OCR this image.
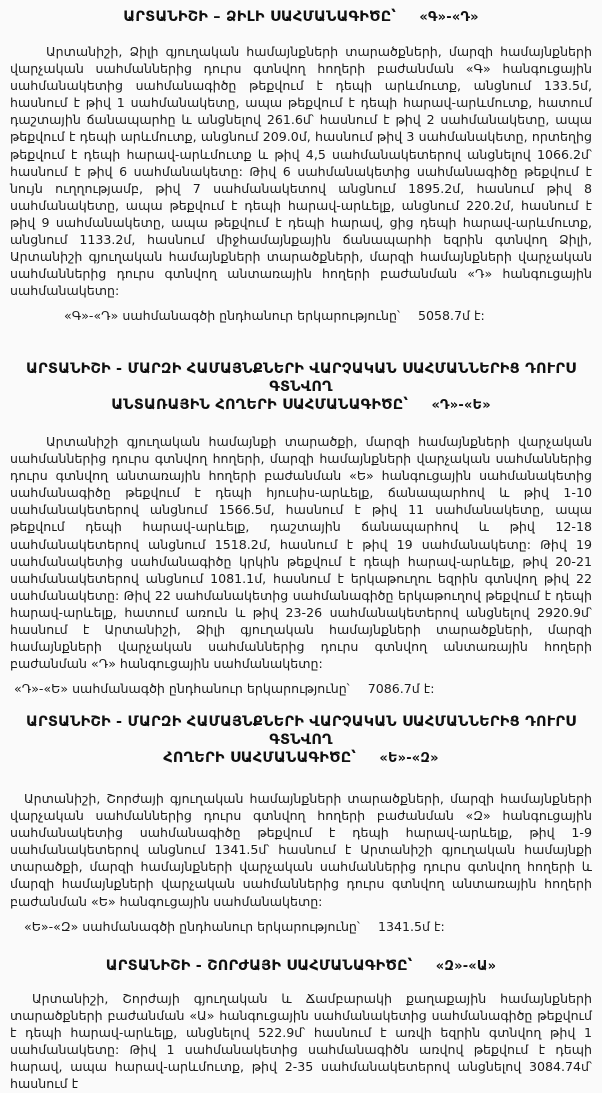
ԱՐՏԱՆԻՇԻ – ՁԻԼԻ ՍԱՀՄԱՆԱԳԻԾԸ՝ «Գ»-«Դ»

Արտանիշի, Ձիլի գյուղական համայնքների տարածքների, մարզի համայնքների վարչական սահմաններից դուրս գտնվող հողերի բաժանման «Գ» հանգուցային սահմանակետից սահմանագիծը թեքվում է դեպի արևմուտք, անցնում 133.5մ, հասնում է թիվ 1 սահմանակետը, ապա թեքվում է դեպի հարավ-արևմուտք, հատում դաշտային ճանապարհը և անցնելով 261.6մ՝ հասնում է թիվ 2 սահմանակետը, ապա թեքվում է դեպի արևմուտք, անցնում 209.0մ, հասնում թիվ 3 սահմանակետը, որտեղից թեքվում է դեպի հարավ-արևմուտք և թիվ 4,5 սահմանակետերով անցնելով 1066.2մ՝ հասնում է թիվ 6 սահմանակետը: Թիվ 6 սահմանակետից սահմանագիծը թեքվում է նույն ուղղությամբ, թիվ 7 սահմանակետով անցնում 1895.2մ, հասնում թիվ 8 սահմանակետը, ապա թեքվում է դեպի հարավ-արևելք, անցնում 220.2մ, հասնում է թիվ 9 սահմանակետը, ապա թեքվում է դեպի հարավ, ցից դեպի հարավ-արևմուտք, անցնում 1133.2մ, հասնում միջհամայնքային ճանապարհի եզրին գտնվող Ձիլի, Արտանիշի գյուղական համայնքների տարածքների, մարզի համայնքների վարչական սահմաններից դուրս գտնվող անտառային հողերի բաժանման «Դ» հանգուցային սահմանակետը:

«Գ»-«Դ» սահմանագծի ընդհանուր երկարությունը՝ 5058.7մ է:

ԱՐՏԱՆԻՇԻ - ՄԱՐԶԻ ՀԱՄԱՅՆՔՆԵՐԻ ՎԱՐՉԱԿԱՆ ՍԱՀՄԱՆՆԵՐԻՑ ԴՈՒՐՍ ԳՏՆՎՈՂ
ԱՆՏԱՌԱՅԻՆ ՀՈՂԵՐԻ ՍԱՀՄԱՆԱԳԻԾԸ՝ «Դ»-«Ե»

Արտանիշի գյուղական համայնքի տարածքի, մարզի համայնքների վարչական սահմաններից դուրս գտնվող հողերի, մարզի համայնքների վարչական սահմաններից դուրս գտնվող անտառային հողերի բաժանման «Ե» հանգուցային սահմանակետից սահմանագիծը թեքվում է դեպի հյուսիս-արևելք, ճանապարհով և թիվ 1-10 սահմանակետերով անցնում 1566.5մ, հասնում է թիվ 11 սահմանակետը, ապա թեքվում դեպի հարավ-արևելք, դաշտային ճանապարհով և թիվ 12-18 սահմանակետերով անցնում 1518.2մ, հասնում է թիվ 19 սահմանակետը: Թիվ 19 սահմանակետից սահմանագիծը կրկին թեքվում է դեպի հարավ-արևելք, թիվ 20-21 սահմանակետերով անցնում 1081.1մ, հասնում է երկաթուղու եզրին գտնվող թիվ 22 սահմանակետը: Թիվ 22 սահմանակետից սահմանագիծը երկաթուղով թեքվում է դեպի հարավ-արևելք, հատում առուն և թիվ 23-26 սահմանակետերով անցնելով 2920.9մ՝ հասնում է Արտանիշի, Ձիլի գյուղական համայնքների տարածքների, մարզի համայնքների վարչական սահմաններից դուրս գտնվող անտառային հողերի բաժանման «Դ» հանգուցային սահմանակետը:

«Դ»-«Ե» սահմանագծի ընդհանուր երկարությունը՝ 7086.7մ է:

ԱՐՏԱՆԻՇԻ - ՄԱՐԶԻ ՀԱՄԱՅՆՔՆԵՐԻ ՎԱՐՉԱԿԱՆ ՍԱՀՄԱՆՆԵՐԻՑ ԴՈՒՐՍ ԳՏՆՎՈՂ
ՀՈՂԵՐԻ ՍԱՀՄԱՆԱԳԻԾԸ՝ «Ե»-«Զ»

Արտանիշի, Շորժայի գյուղական համայնքների տարածքների, մարզի համայնքների վարչական սահմաններից դուրս գտնվող հողերի բաժանման «Զ» հանգուցային սահմանակետից սահմանագիծը թեքվում է դեպի հարավ-արևելք, թիվ 1-9 սահմանակետերով անցնում 1341.5մ՝ հասնում է Արտանիշի գյուղական համայնքի տարածքի, մարզի համայնքների վարչական սահմաններից դուրս գտնվող հողերի և մարզի համայնքների վարչական սահմաններից դուրս գտնվող անտառային հողերի բաժանման «Ե» հանգուցային սահմանակետը:

«Ե»-«Զ» սահմանագծի ընդհանուր երկարությունը՝ 1341.5մ է:

ԱՐՏԱՆԻՇԻ - ՇՈՐԺԱՅԻ ՍԱՀՄԱՆԱԳԻԾԸ՝ «Զ»-«Ա»

Արտանիշի, Շորժայի գյուղական և Ճամբարակի քաղաքային համայնքների տարածքների բաժանման «Ա» հանգուցային սահմանակետից սահմանագիծը թեքվում է դեպի հարավ-արևելք, անցնելով 522.9մ՝ հասնում է առվի եզրին գտնվող թիվ 1 սահմանակետը: Թիվ 1 սահմանակետից սահմանագիծն առվով թեքվում է դեպի հարավ, ապա հարավ-արևմուտք, թիվ 2-35 սահմանակետերով անցնելով 3084.74մ՝ հասնում է
